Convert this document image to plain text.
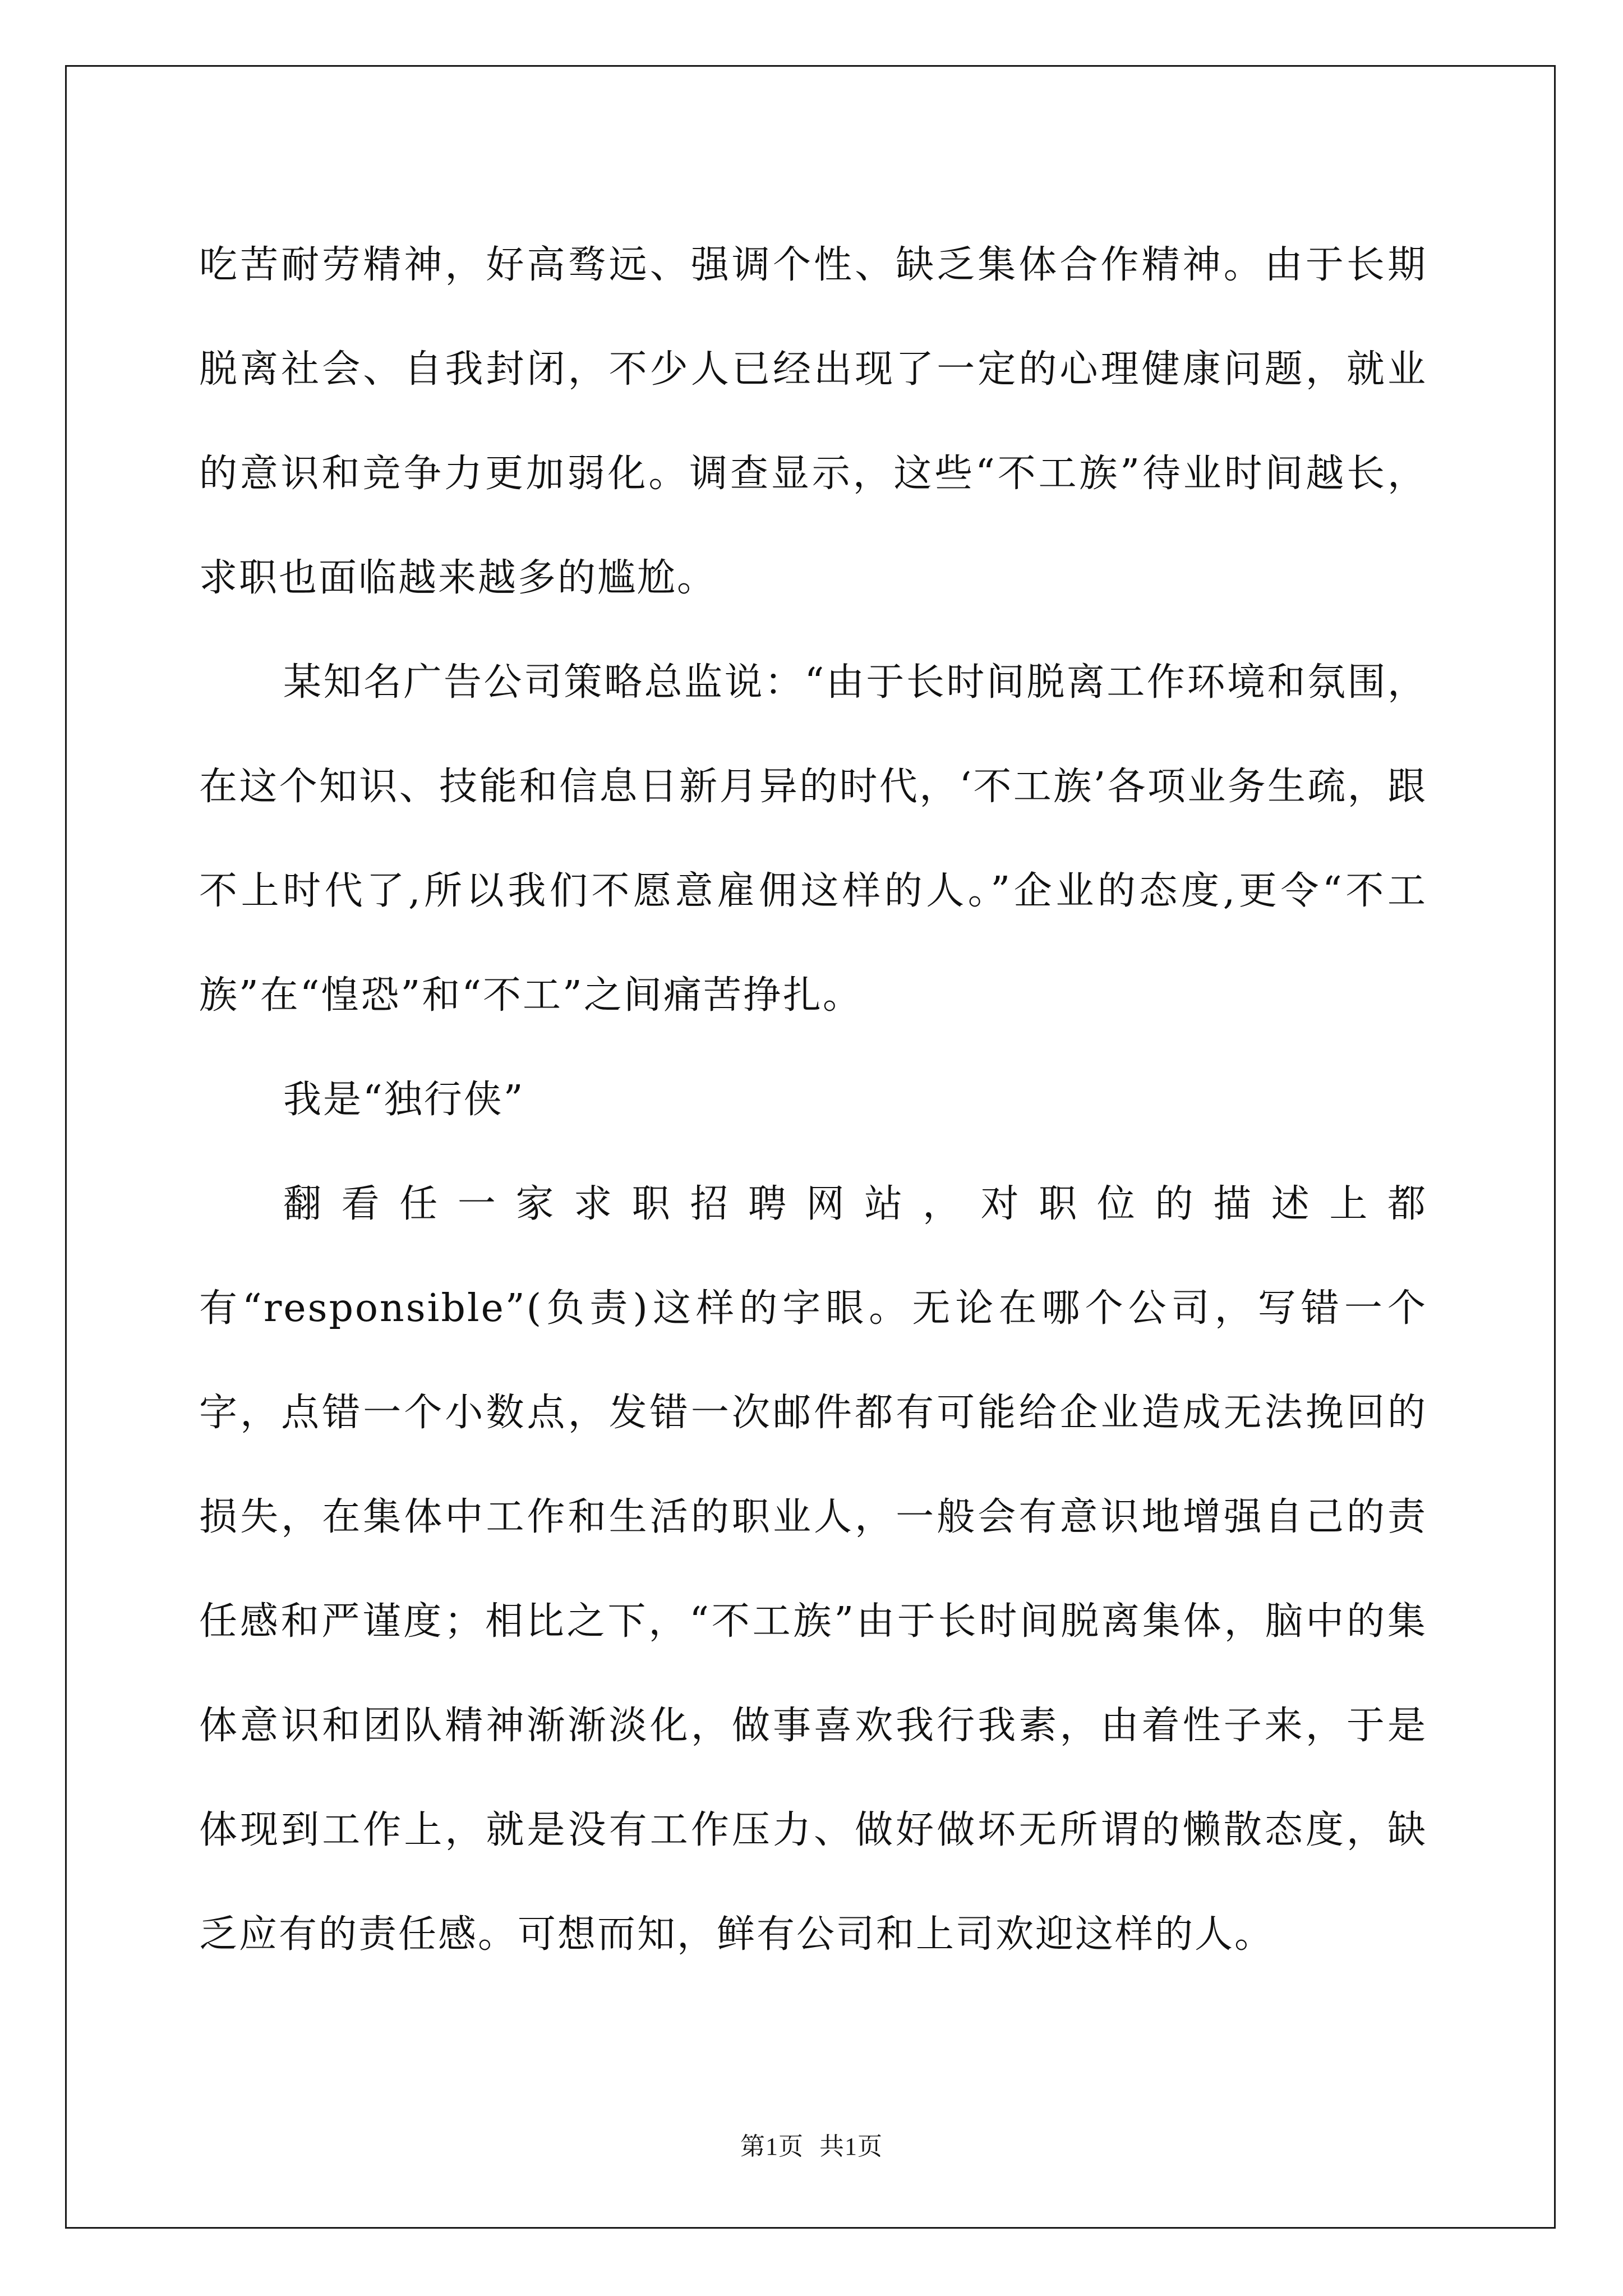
吃苦耐劳精神，好高骛远、强调个性、缺乏集体合作精神。由于长期脱离社会、自我封闭，不少人已经出现了一定的心理健康问题，就业的意识和竞争力更加弱化。调查显示，这些“不工族”待业时间越长，求职也面临越来越多的尴尬。

某知名广告公司策略总监说：“由于长时间脱离工作环境和氛围，在这个知识、技能和信息日新月异的时代，‘不工族’各项业务生疏，跟不上时代了,所以我们不愿意雇佣这样的人。”企业的态度,更令“不工族”在“惶恐”和“不工”之间痛苦挣扎。

我是“独行侠”

翻看任一家求职招聘网站，对职位的描述上都有“responsible”(负责)这样的字眼。无论在哪个公司，写错一个字，点错一个小数点，发错一次邮件都有可能给企业造成无法挽回的损失，在集体中工作和生活的职业人，一般会有意识地增强自己的责任感和严谨度；相比之下，“不工族”由于长时间脱离集体，脑中的集体意识和团队精神渐渐淡化，做事喜欢我行我素，由着性子来，于是体现到工作上，就是没有工作压力、做好做坏无所谓的懒散态度，缺乏应有的责任感。可想而知，鲜有公司和上司欢迎这样的人。

第1页 共1页
